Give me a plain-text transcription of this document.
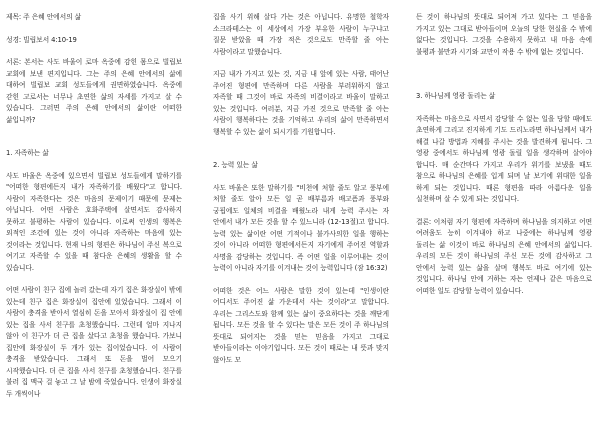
제목: 주 은혜 안에서의 삶

성경: 빌립보서 4:10-19

서론: 본서는 사도 바울이 로마 옥중에 감힌 몸으로 빌립보 교회에 보낸 편지입니다. 그는 주의 은혜 안에서의 삶에 대하여 빌립보 교회 성도들에게 권면하였습니다. 옥중에 갇힌 고로서는 너무나 초연한 삶의 자세를 가지고 살 수 있습니다. 그러면 주의 은혜 안에서의 삶이란 어떠한 삶입니까?

1. 자족하는 삶

사도 바울은 옥중에 있으면서 빌립보 성도들에게 말하기를 "어떠한 형편에든지 내가 자족하기를 배웠다"고 합니다. 사람이 자족한다는 것은 마음의 문제이기 때문에 문제는 아닙니다. 어떤 사람은 호화주택에 살면서도 감사하지 못하고 불평하는 사람이 있습니다. 이로써 인생의 행복은 외적인 조건에 있는 것이 아니라 자족하는 마음에 있는 것이라는 것입니다. 현재 나의 형편은 하나님이 주신 복으로 여기고 자족할 수 있을 때 참다운 은혜의 생활을 할 수 있습니다.

어떤 사람이 친구 집에 놀러 갔는데 자기 집은 화장실이 밖에 있는데 친구 집은 화장실이 집안에 있었습니다. 그래서 이 사람이 충격을 받아서 열심히 돈을 모아서 화장실이 집 안에 있는 집을 사서 친구를 초청했습니다. 그런데 얼마 지나지 않아 이 친구가 더 큰 집을 샀다고 초청을 했습니다. 가보니 집안에 화장실이 두 개가 있는 집이었습니다. 이 사람이 충격을 받았습니다. 그래서 또 돈을 벌어 모으기 시작했습니다. 더 큰 집을 사서 친구를 초청했습니다. 친구를 불러 집 맥국 걸 놓고 그 날 밤에 죽었습니다. 인생이 화장실 두 개씩이나

집을 사기 위해 살다 가는 것은 아닙니다. 유명한 철학자 소크라테스는 이 세상에서 가장 부유한 사람이 누구냐고 질문 받았을 때 가장 적은 것으로도 만족할 줄 아는 사람이라고 말했습니다.

지금 내가 가지고 있는 것, 지금 내 앞에 있는 사람, 태어난 주어진 형편에 만족하며 다른 사람을 부러워하지 않고 자족할 때 그것이 바로 자족의 비결이라고 바울이 말하고 있는 것입니다. 여러분, 지금 가진 것으로 만족할 줄 아는 사람이 행복하다는 것을 기억하고 우리의 삶이 만족하면서 행복할 수 있는 삶이 되시기를 기원합니다.

2. 능력 있는 삶

사도 바울은 또한 말하기를 "비천에 처할 줄도 알고 풍부에 처할 줄도 알아 모든 일 곧 배부름과 배고픔과 풍부와 궁핍에도 일체의 비결을 배웠노라 내게 능력 주시는 자 안에서 내가 모든 것을 할 수 있느니라 (12-13절)고 합니다. 능력 있는 삶이란 어떤 기적이나 불가사의한 일을 행하는 것이 아니라 어떠한 형편에서든지 자기에게 주어진 역할과 사명을 감당하는 것입니다. 즉 어떤 일을 이루어내는 것이 능력이 아니라 자기를 이겨내는 것이 능력입니다 (잠 16:32)

어떠한 것은 어느 사람은 말한 것이 있는데 "인생이란 어디서도 주어진 삶 가운데서 사는 것이라"고 말합니다. 우리는 그리스도와 함께 있는 삶이 중요하다는 것을 깨닫게 됩니다. 모든 것을 할 수 있다는 말은 모든 것이 주 하나님의 뜻대로 되어지는 것을 믿는 믿음을 가지고 그대로 받아들이라는 이야기입니다. 모든 것이 때로는 내 뜻과 맞지 않아도 모

든 것이 하나님의 뜻대로 되어져 가고 있다는 그 믿음을 가지고 있는 그대로 받아들이며 오늘의 당한 현실을 수 밖에 없다는 것입니다. 그것을 수용하지 못하고 내 마음 속에 불평과 불만과 시기와 교만이 작용 수 밖에 없는 것입니다.

3. 하나님께 영광 돌리는 삶

자족하는 마음으로 사면서 감당할 수 없는 일을 당할 때에도 초연하게 그리고 진지하게 기도 드리노라면 하나님께서 내가 해결 나갈 방법과 지혜를 주시는 것을 발견하게 됩니다. 그 영광 중에서도 하나님께 영광 돌릴 일을 생각하며 살아야 합니다. 매 순간마다 가지고 우리가 위기를 보냈을 때도 참으로 하나님의 은혜를 입게 되며 날 보기에 위대한 일을 하게 되는 것입니다. 때론 형편을 따라 아름다운 일을 실천하며 살 수 있게 되는 것입니다.

결론: 이처럼 자기 형편에 자족하며 하나님을 의지하고 어떤 여려움도 능히 이겨내야 하고 나중에는 하나님께 영광 돌리는 삶 이것이 바로 하나님의 은혜 안에서의 삶입니다. 우리의 모든 것이 하나님의 주신 모든 것에 감사하고 그 안에서 능력 있는 삶을 살며 행복도 바로 여기에 있는 것입니다. 하나님 안에 거하는 자는 언제나 같은 마음으로 어떠한 일도 감당할 능력이 있습니다.
